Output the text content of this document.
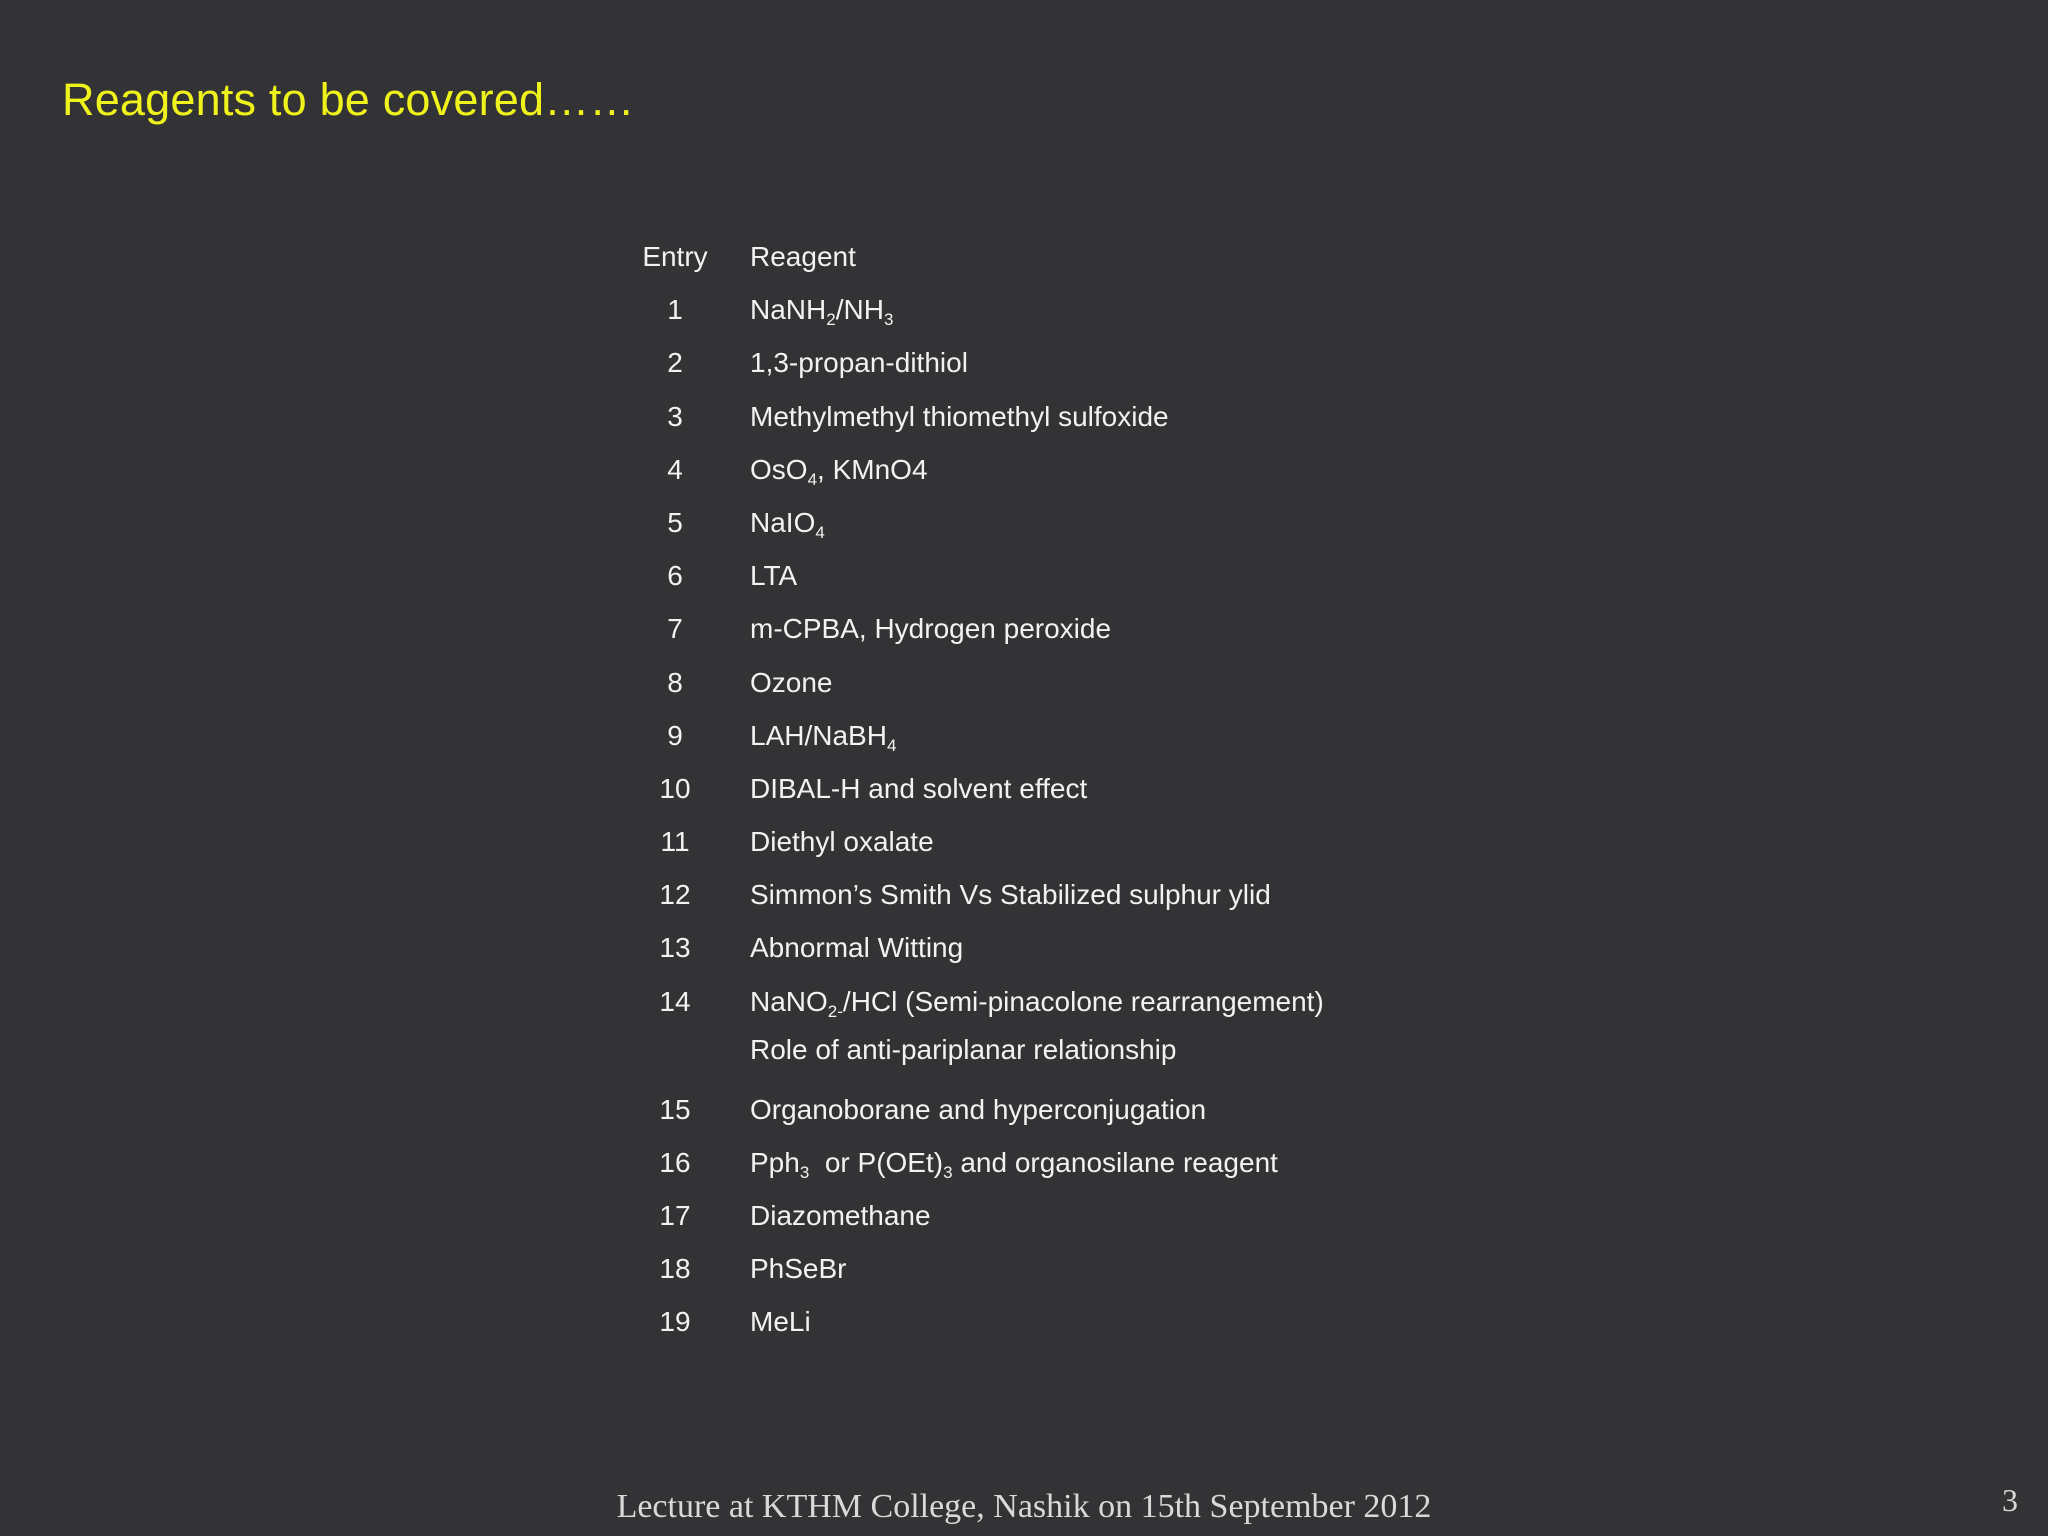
Reagents to be covered……
Entry	Reagent
1	$NaNH_2/NH_3$
2	1,3-propan-dithiol
3	Methylmethyl thiomethyl sulfoxide
4	OsO$_4$, KMnO4
5	NaIO$_4$
6	LTA
7	m-CPBA, Hydrogen peroxide
8	Ozone
9	LAH/NaBH$_4$
10	DIBAL-H and solvent effect
11	Diethyl oxalate
12	Simmon’s Smith Vs Stabilized sulphur ylid
13	Abnormal Witting
14	NaNO$_{2-}$/HCl (Semi-pinacolone rearrangement)
Role of anti-pariplanar relationship
15	Organoborane and hyperconjugation
16	Pph$_3$  or $P(OEt)_3$ and organosilane reagent
17	Diazomethane
18	PhSeBr
19	MeLi
Lecture at KTHM College, Nashik on 15th September 2012	3
